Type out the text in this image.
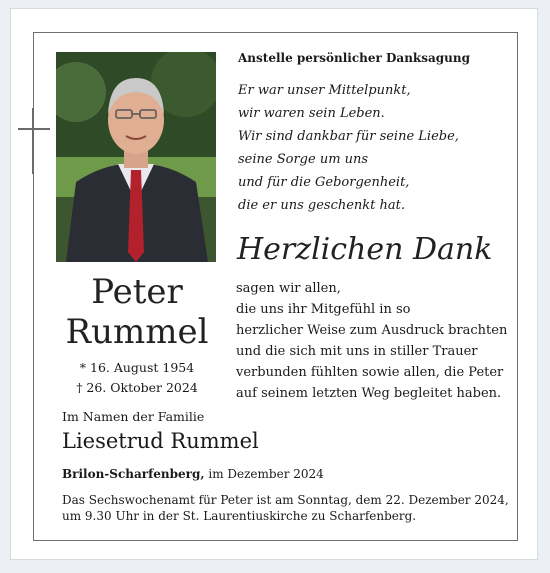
Peter
Rummel
* 16. August 1954
† 26. Oktober 2024
Anstelle persönlicher Danksagung
Er war unser Mittelpunkt,
wir waren sein Leben.
Wir sind dankbar für seine Liebe,
seine Sorge um uns
und für die Geborgenheit,
die er uns geschenkt hat.
Herzlichen Dank
sagen wir allen,
die uns ihr Mitgefühl in so
herzlicher Weise zum Ausdruck brachten
und die sich mit uns in stiller Trauer
verbunden fühlten sowie allen, die Peter
auf seinem letzten Weg begleitet haben.
Im Namen der Familie
Liesetrud Rummel
Brilon-Scharfenberg, im Dezember 2024
Das Sechswochenamt für Peter ist am Sonntag, dem 22. Dezember 2024,
um 9.30 Uhr in der St. Laurentiuskirche zu Scharfenberg.
